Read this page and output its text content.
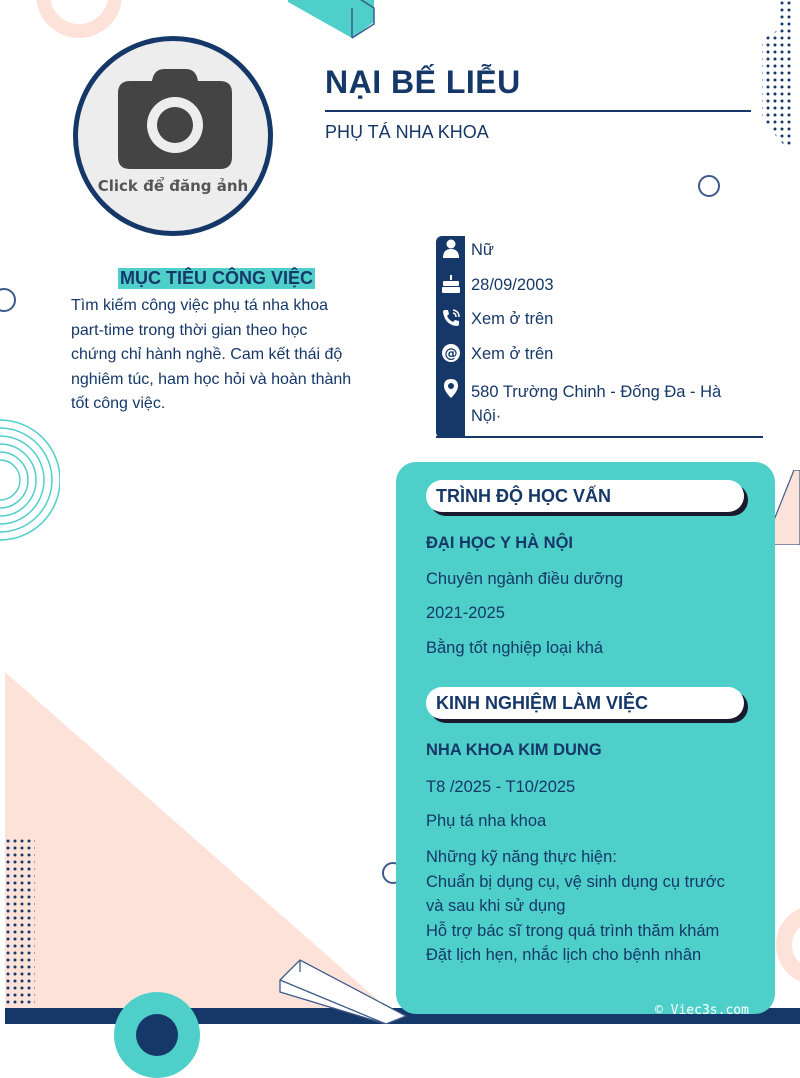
Click để đăng ảnh
NẠI BẾ LIỄU
PHỤ TÁ NHA KHOA
MỤC TIÊU CÔNG VIỆC
Tìm kiếm công việc phụ tá nha khoa part-time trong thời gian theo học chứng chỉ hành nghề. Cam kết thái độ nghiêm túc, ham học hỏi và hoàn thành tốt công việc.
Nữ
28/09/2003
Xem ở trên
@ Xem ở trên
580 Trường Chinh - Đống Đa - Hà Nội·
TRÌNH ĐỘ HỌC VẤN
ĐẠI HỌC Y HÀ NỘI
Chuyên ngành điều dưỡng
2021-2025
Bằng tốt nghiệp loại khá
KINH NGHIỆM LÀM VIỆC
NHA KHOA KIM DUNG
T8 /2025 - T10/2025
Phụ tá nha khoa
Những kỹ năng thực hiện:
Chuẩn bị dụng cụ, vệ sinh dụng cụ trước và sau khi sử dụng
Hỗ trợ bác sĩ trong quá trình thăm khám
Đặt lịch hẹn, nhắc lịch cho bệnh nhân
© Viec3s.com
